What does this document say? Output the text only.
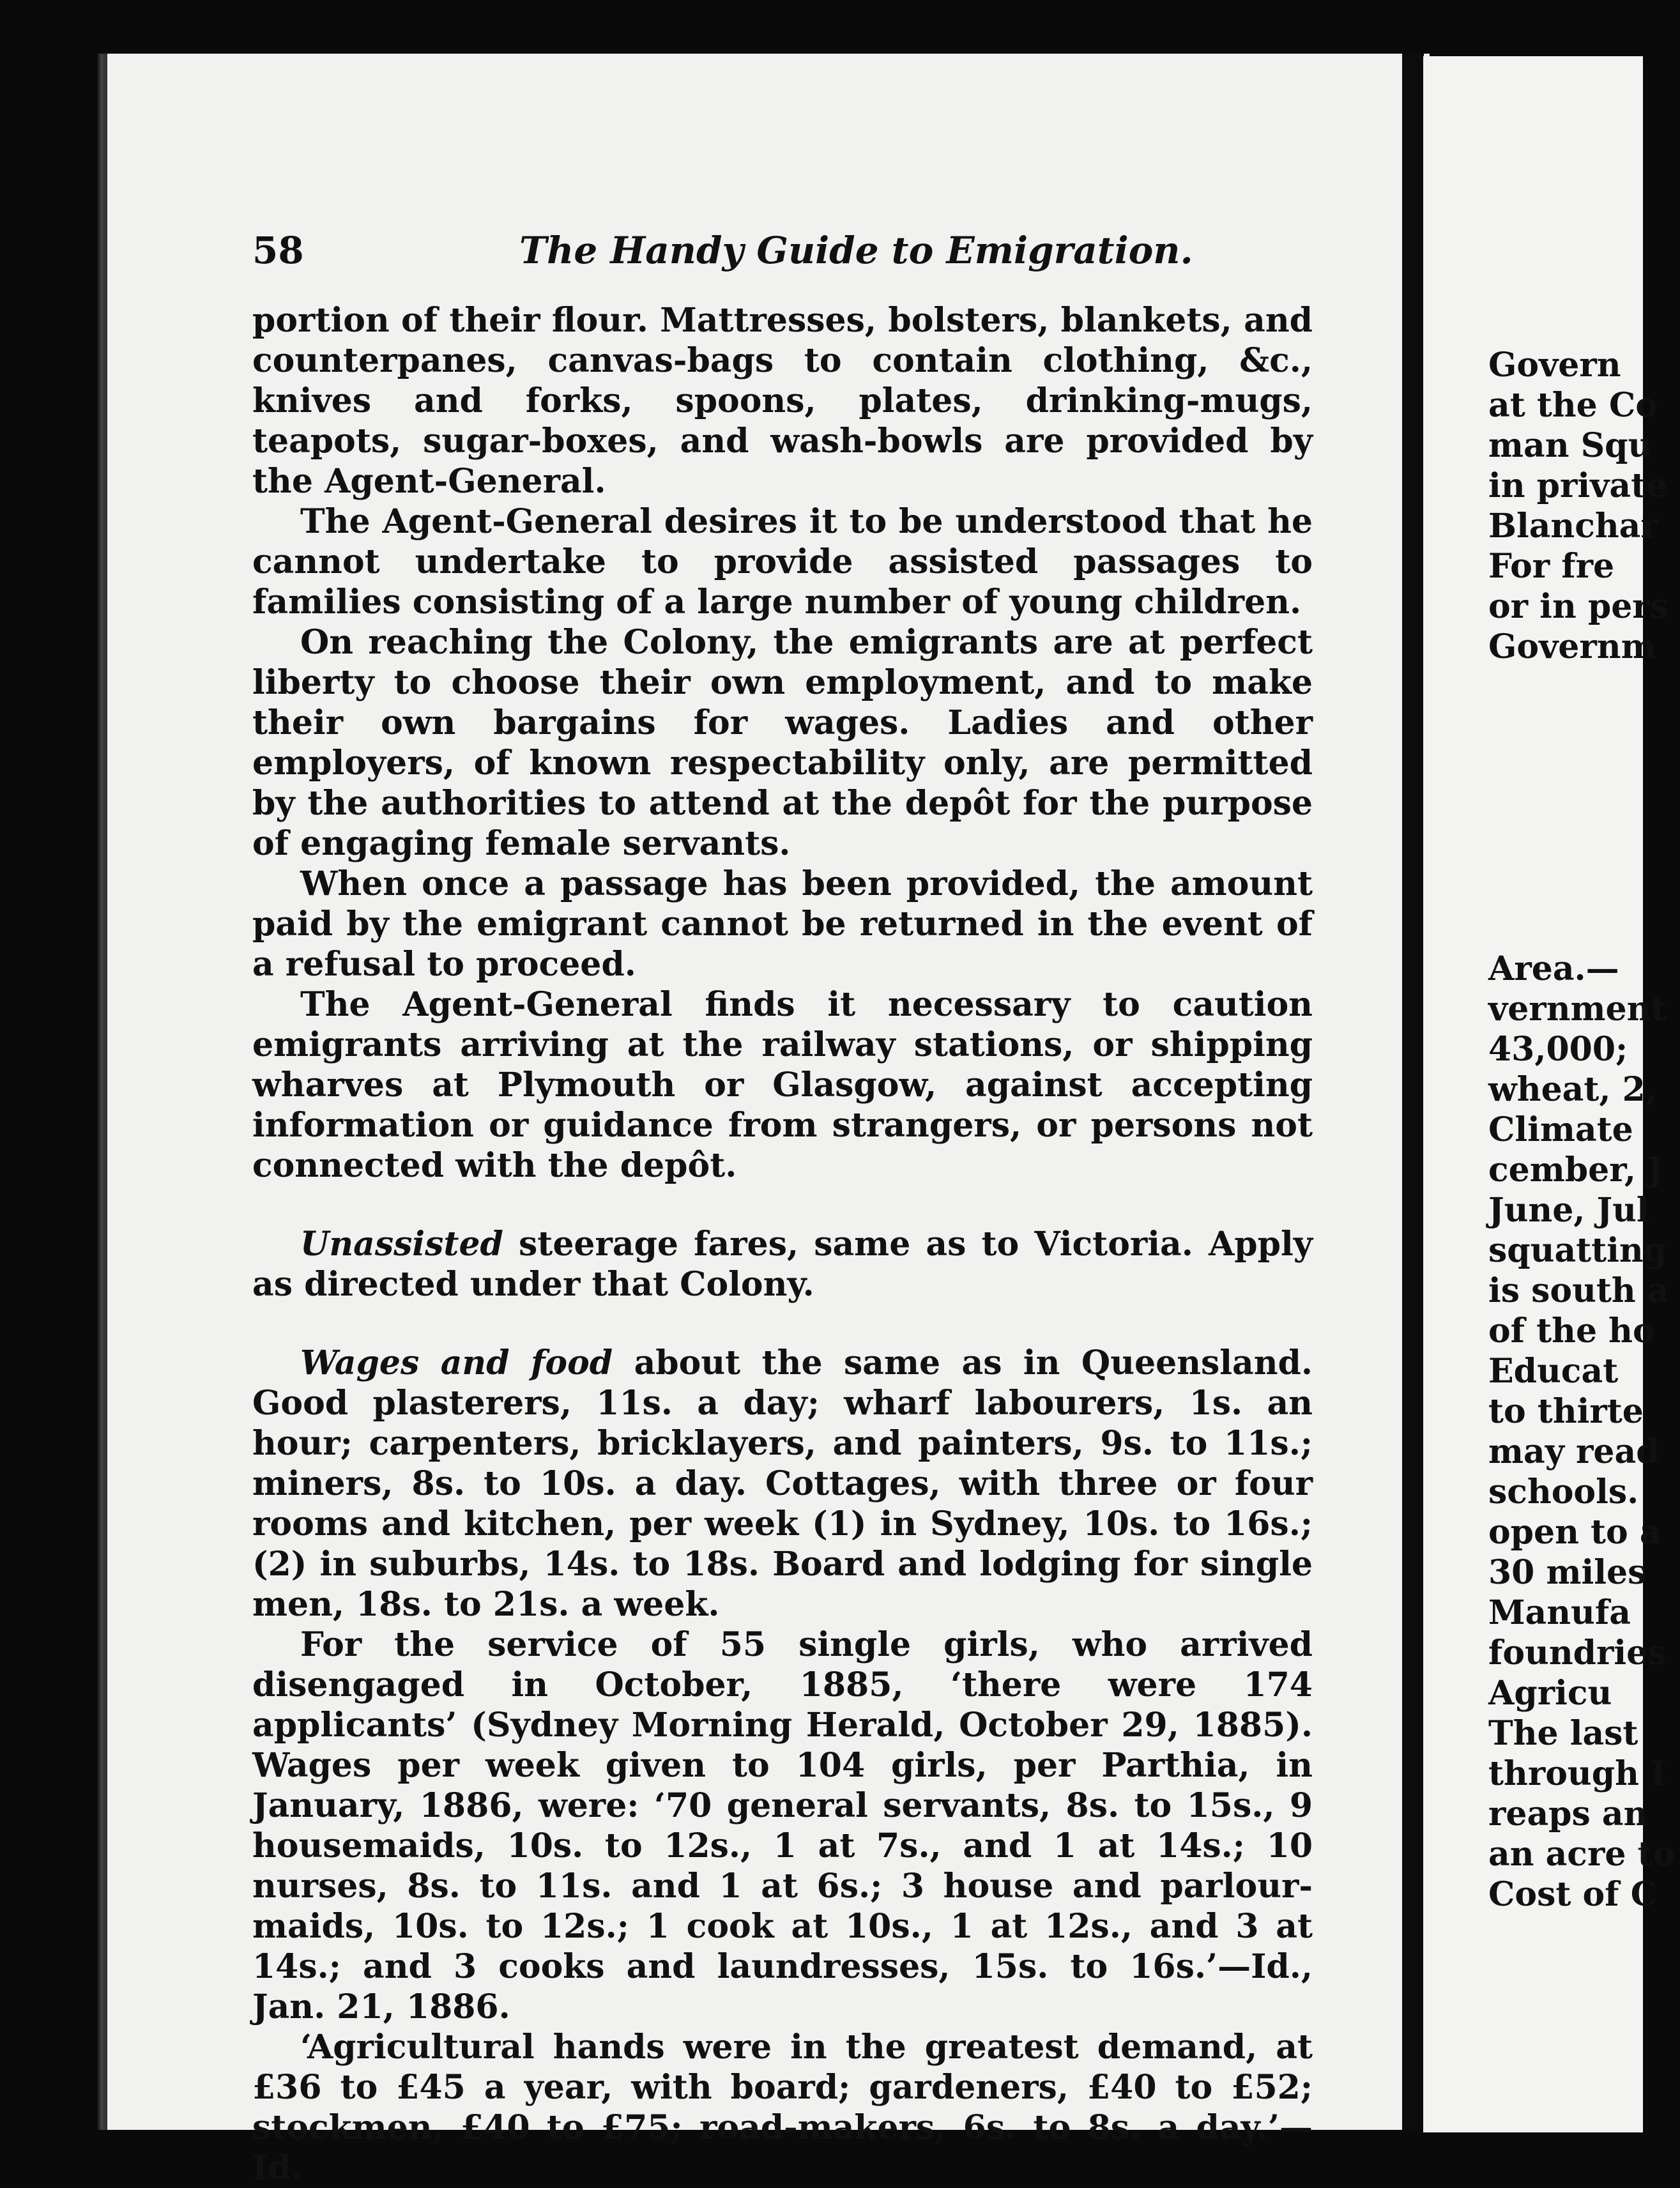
58	The Handy Guide to Emigration.

portion of their flour. Mattresses, bolsters, blankets, and counterpanes, canvas-bags to contain clothing, &c., knives and forks, spoons, plates, drinking-mugs, teapots, sugar-boxes, and wash-bowls are provided by the Agent-General.

The Agent-General desires it to be understood that he cannot undertake to provide assisted passages to families consisting of a large number of young children.

On reaching the Colony, the emigrants are at perfect liberty to choose their own employment, and to make their own bargains for wages. Ladies and other employers, of known respectability only, are permitted by the authorities to attend at the depôt for the purpose of engaging female servants.

When once a passage has been provided, the amount paid by the emigrant cannot be returned in the event of a refusal to proceed.

The Agent-General finds it necessary to caution emigrants arriving at the railway stations, or shipping wharves at Plymouth or Glasgow, against accepting information or guidance from strangers, or persons not connected with the depôt.

Unassisted steerage fares, same as to Victoria. Apply as directed under that Colony.

Wages and food about the same as in Queensland. Good plasterers, 11s. a day; wharf labourers, 1s. an hour; carpenters, bricklayers, and painters, 9s. to 11s.; miners, 8s. to 10s. a day. Cottages, with three or four rooms and kitchen, per week (1) in Sydney, 10s. to 16s.; (2) in suburbs, 14s. to 18s. Board and lodging for single men, 18s. to 21s. a week.

For the service of 55 single girls, who arrived disengaged in October, 1885, ‘there were 174 applicants’ (Sydney Morning Herald, October 29, 1885). Wages per week given to 104 girls, per Parthia, in January, 1886, were: ‘70 general servants, 8s. to 15s., 9 housemaids, 10s. to 12s., 1 at 7s., and 1 at 14s.; 10 nurses, 8s. to 11s. and 1 at 6s.; 3 house and parlour-maids, 10s. to 12s.; 1 cook at 10s., 1 at 12s., and 3 at 14s.; and 3 cooks and laundresses, 15s. to 16s.’—Id., Jan. 21, 1886.

‘Agricultural hands were in the greatest demand, at £36 to £45 a year, with board; gardeners, £40 to £52; stockmen, £40 to £75; road-makers, 6s. to 8s. a day.’—Id.

Govern
at the Co
man Squ
in private
Blanchar
For fre
or in pers
Governm
Area.—
vernment
43,000;
wheat, 2,
Climate
cember, J
June, Jul
squatting
is south a
of the ho
Educat
to thirte
may read
schools.
open to a
30 miles
Manufa
foundries
Agricu
The last
through I
reaps an
an acre to
Cost of C
